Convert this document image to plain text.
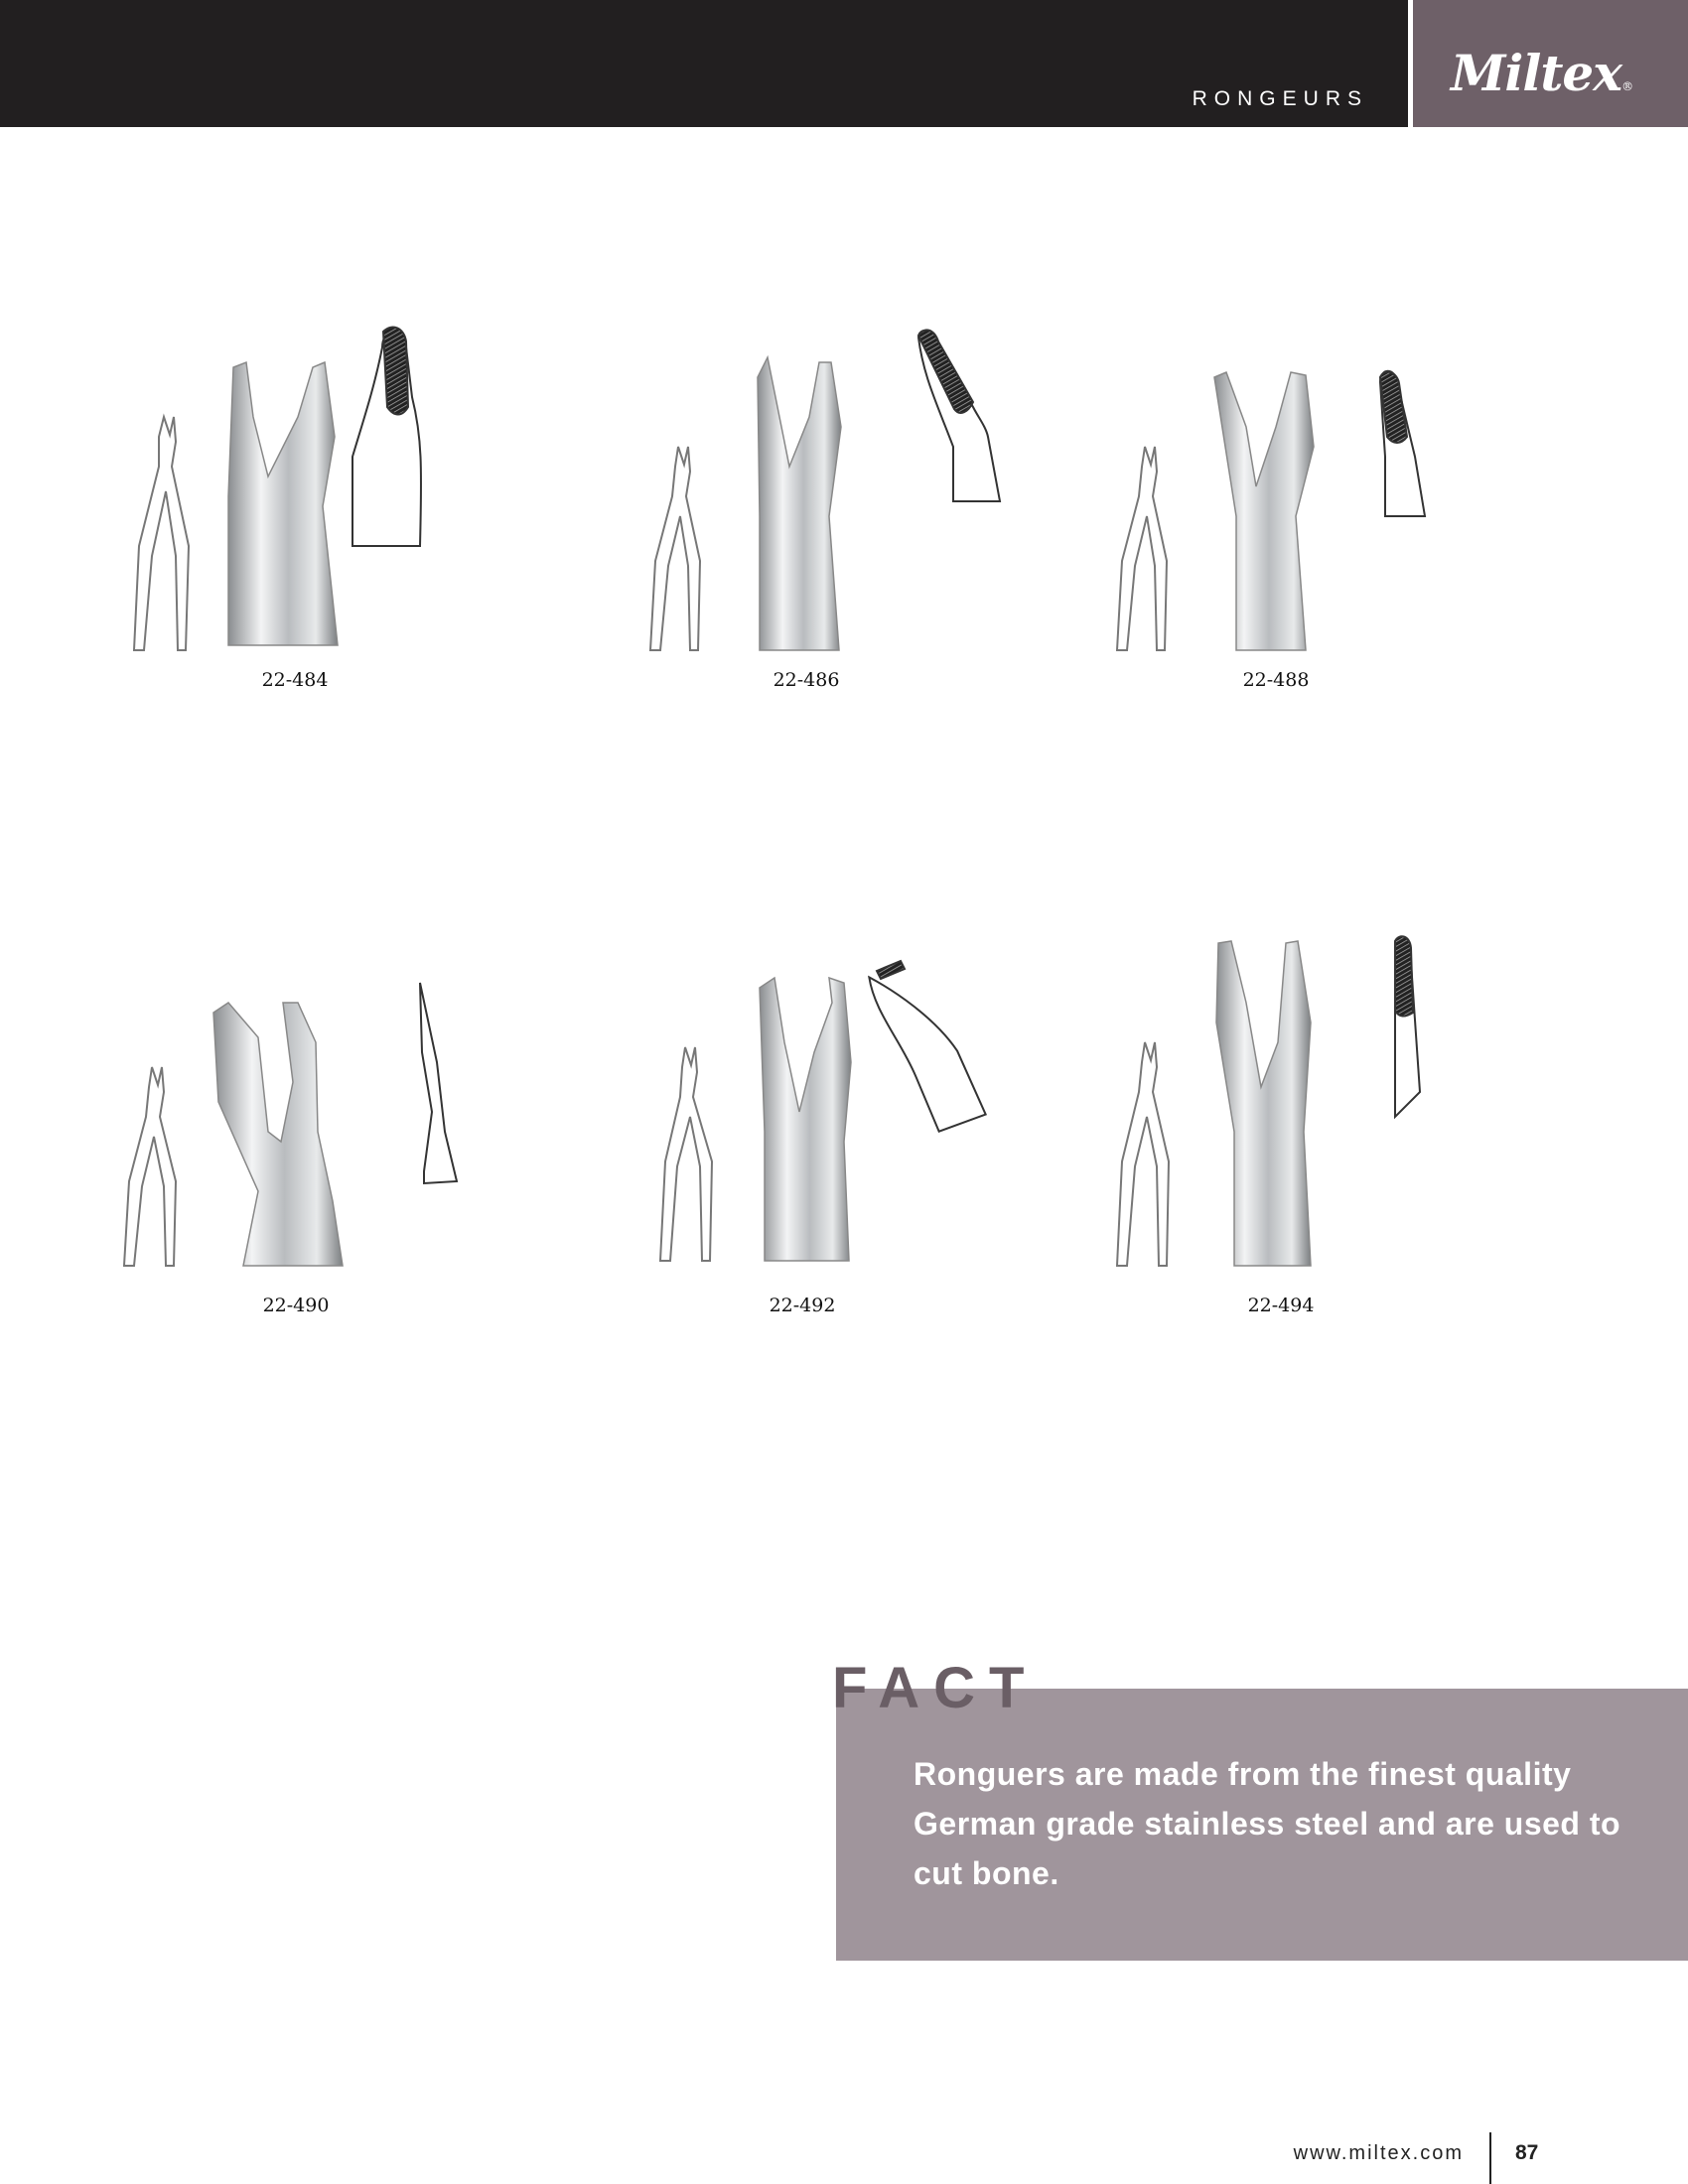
RONGEURS Miltex®
22-484	22-486	22-488
22-490	22-492	22-494
FACT
Ronguers are made from the finest quality German grade stainless steel and are used to cut bone.
www.miltex.com 87
